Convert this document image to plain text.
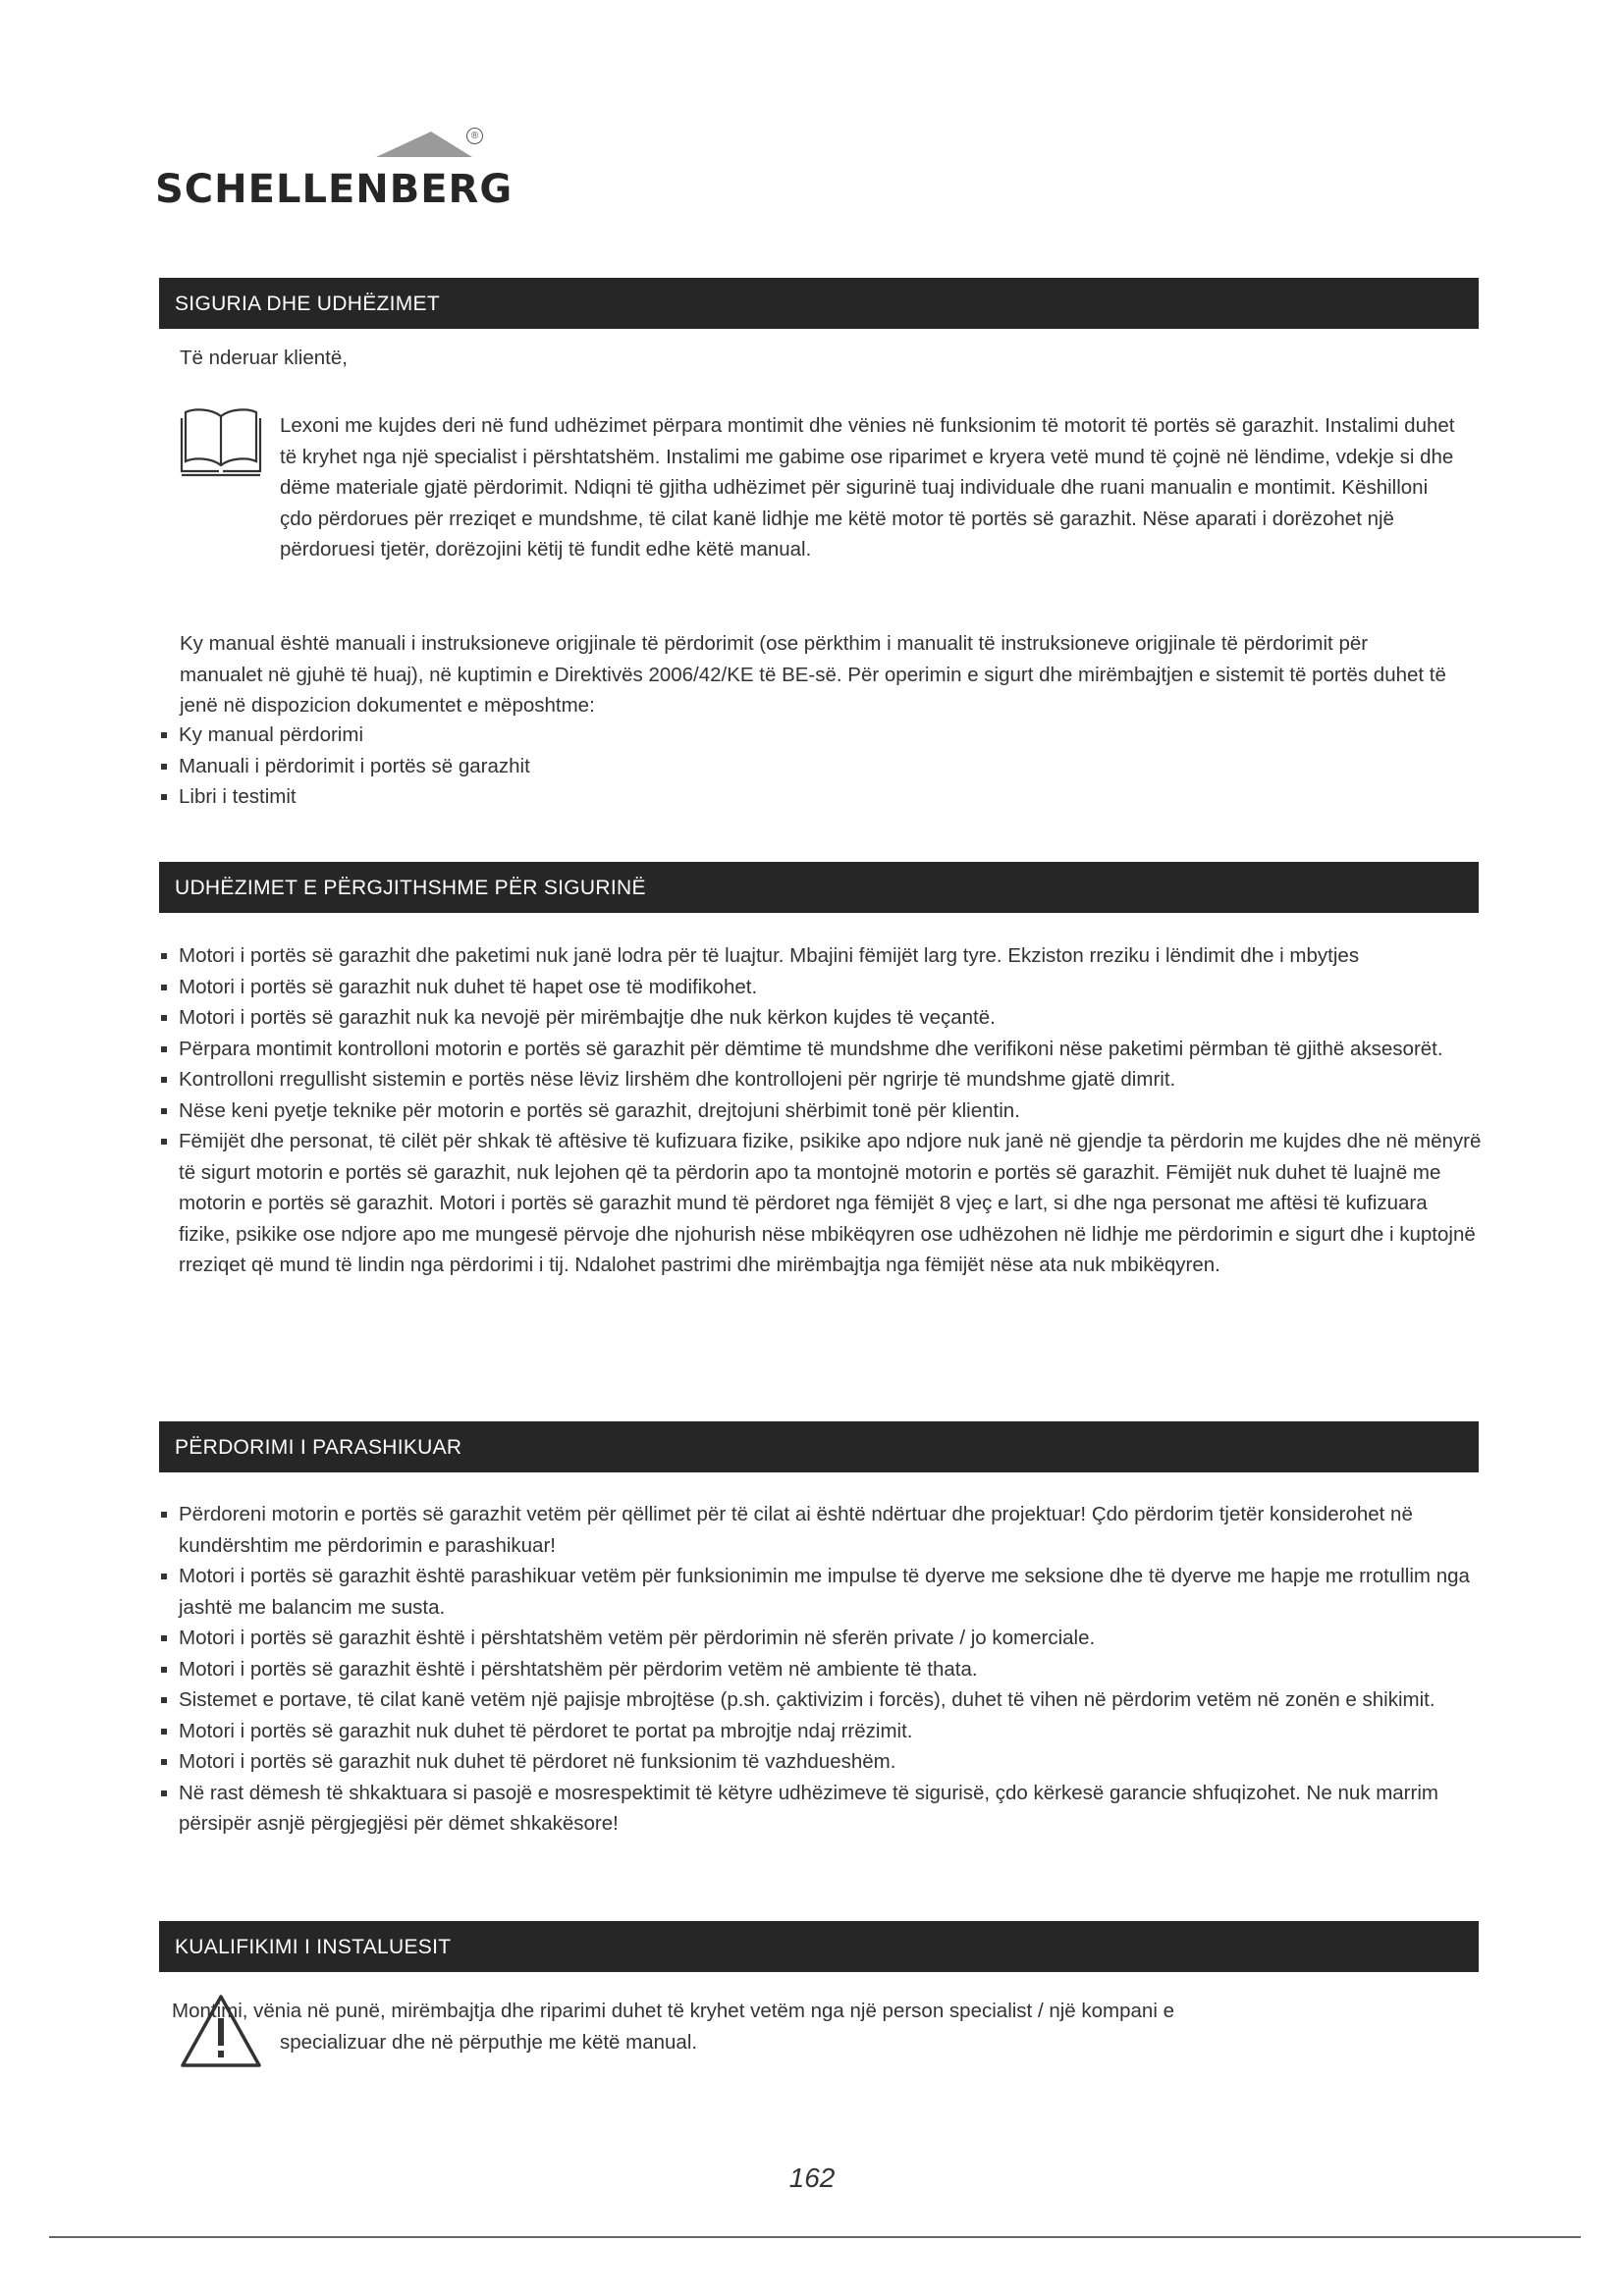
®
SCHELLENBERG
SIGURIA DHE UDHËZIMET

Të nderuar klientë,

Lexoni me kujdes deri në fund udhëzimet përpara montimit dhe vënies në funksionim të motorit të portës së garazhit. Instalimi duhet të kryhet nga një specialist i përshtatshëm. Instalimi me gabime ose riparimet e kryera vetë mund të çojnë në lëndime, vdekje si dhe dëme materiale gjatë përdorimit. Ndiqni të gjitha udhëzimet për sigurinë tuaj individuale dhe ruani manualin e montimit. Këshilloni çdo përdorues për rreziqet e mundshme, të cilat kanë lidhje me këtë motor të portës së garazhit. Nëse aparati i dorëzohet një përdoruesi tjetër, dorëzojini këtij të fundit edhe këtë manual.

Ky manual është manuali i instruksioneve origjinale të përdorimit (ose përkthim i manualit të instruksioneve origjinale të përdorimit për manualet në gjuhë të huaj), në kuptimin e Direktivës 2006/42/KE të BE-së. Për operimin e sigurt dhe mirëmbajtjen e sistemit të portës duhet të jenë në dispozicion dokumentet e mëposhtme:

Ky manual përdorimi
Manuali i përdorimit i portës së garazhit
Libri i testimit
UDHËZIMET E PËRGJITHSHME PËR SIGURINË
Motori i portës së garazhit dhe paketimi nuk janë lodra për të luajtur. Mbajini fëmijët larg tyre. Ekziston rreziku i lëndimit dhe i mbytjes
Motori i portës së garazhit nuk duhet të hapet ose të modifikohet.
Motori i portës së garazhit nuk ka nevojë për mirëmbajtje dhe nuk kërkon kujdes të veçantë.
Përpara montimit kontrolloni motorin e portës së garazhit për dëmtime të mundshme dhe verifikoni nëse paketimi përmban të gjithë aksesorët.
Kontrolloni rregullisht sistemin e portës nëse lëviz lirshëm dhe kontrollojeni për ngrirje të mundshme gjatë dimrit.
Nëse keni pyetje teknike për motorin e portës së garazhit, drejtojuni shërbimit tonë për klientin.
Fëmijët dhe personat, të cilët për shkak të aftësive të kufizuara fizike, psikike apo ndjore nuk janë në gjendje ta përdorin me kujdes dhe në mënyrë të sigurt motorin e portës së garazhit, nuk lejohen që ta përdorin apo ta montojnë motorin e portës së garazhit. Fëmijët nuk duhet të luajnë me motorin e portës së garazhit. Motori i portës së garazhit mund të përdoret nga fëmijët 8 vjeç e lart, si dhe nga personat me aftësi të kufizuara fizike, psikike ose ndjore apo me mungesë përvoje dhe njohurish nëse mbikëqyren ose udhëzohen në lidhje me përdorimin e sigurt dhe i kuptojnë rreziqet që mund të lindin nga përdorimi i tij. Ndalohet pastrimi dhe mirëmbajtja nga fëmijët nëse ata nuk mbikëqyren.
PËRDORIMI I PARASHIKUAR
Përdoreni motorin e portës së garazhit vetëm për qëllimet për të cilat ai është ndërtuar dhe projektuar! Çdo përdorim tjetër konsiderohet në kundërshtim me përdorimin e parashikuar!
Motori i portës së garazhit është parashikuar vetëm për funksionimin me impulse të dyerve me seksione dhe të dyerve me hapje me rrotullim nga jashtë me balancim me susta.
Motori i portës së garazhit është i përshtatshëm vetëm për përdorimin në sferën private / jo komerciale.
Motori i portës së garazhit është i përshtatshëm për përdorim vetëm në ambiente të thata.
Sistemet e portave, të cilat kanë vetëm një pajisje mbrojtëse (p.sh. çaktivizim i forcës), duhet të vihen në përdorim vetëm në zonën e shikimit.
Motori i portës së garazhit nuk duhet të përdoret te portat pa mbrojtje ndaj rrëzimit.
Motori i portës së garazhit nuk duhet të përdoret në funksionim të vazhdueshëm.
Në rast dëmesh të shkaktuara si pasojë e mosrespektimit të këtyre udhëzimeve të sigurisë, çdo kërkesë garancie shfuqizohet. Ne nuk marrim përsipër asnjë përgjegjësi për dëmet shkakësore!
KUALIFIKIMI I INSTALUESIT

Montimi, vënia në punë, mirëmbajtja dhe riparimi duhet të kryhet vetëm nga një person specialist / një kompani e

specializuar dhe në përputhje me këtë manual.

162
